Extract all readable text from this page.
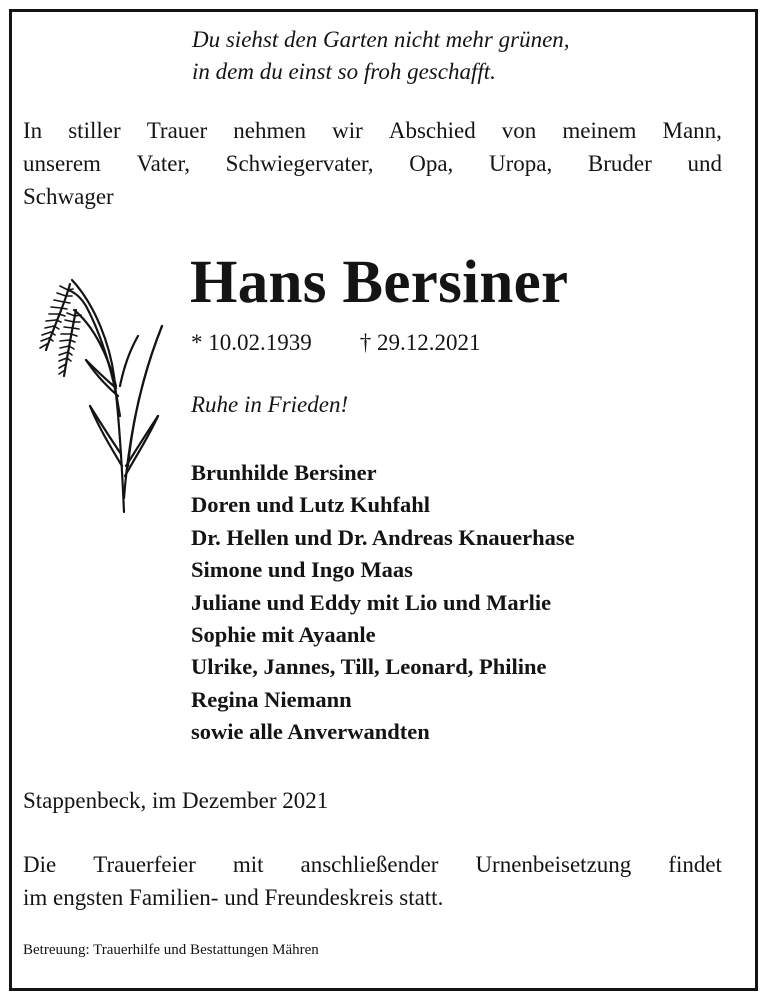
Du siehst den Garten nicht mehr grünen,
in dem du einst so froh geschafft.
In stiller Trauer nehmen wir Abschied von meinem Mann,
unserem Vater, Schwiegervater, Opa, Uropa, Bruder und
Schwager
Hans Bersiner
* 10.02.1939 † 29.12.2021
Ruhe in Frieden!
Brunhilde Bersiner
Doren und Lutz Kuhfahl
Dr. Hellen und Dr. Andreas Knauerhase
Simone und Ingo Maas
Juliane und Eddy mit Lio und Marlie
Sophie mit Ayaanle
Ulrike, Jannes, Till, Leonard, Philine
Regina Niemann
sowie alle Anverwandten
Stappenbeck, im Dezember 2021
Die Trauerfeier mit anschließender Urnenbeisetzung findet
im engsten Familien- und Freundeskreis statt.
Betreuung: Trauerhilfe und Bestattungen Mähren
